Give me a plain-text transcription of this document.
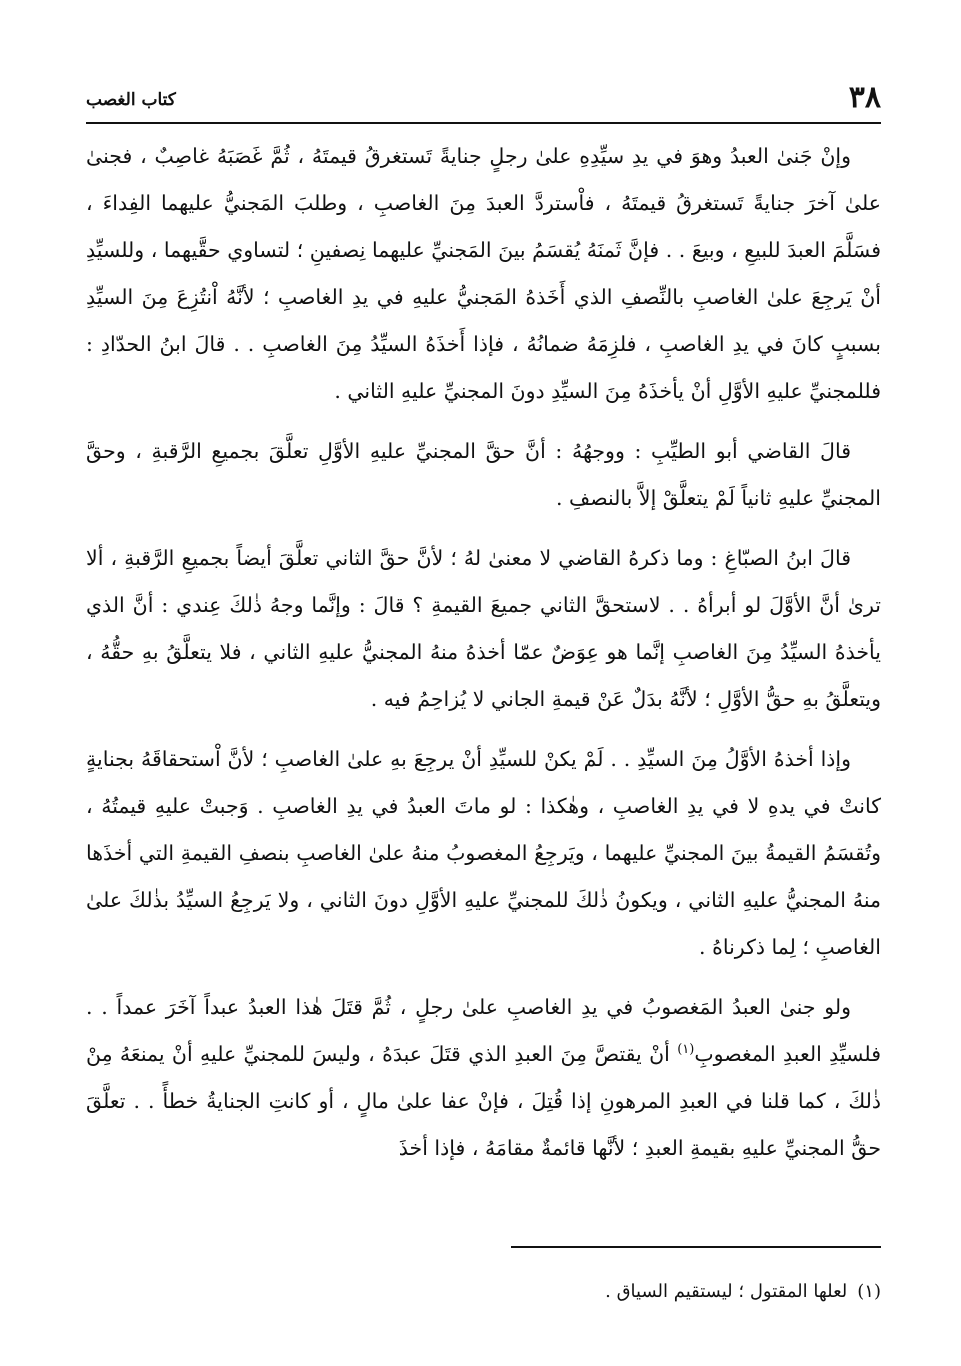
٣٨
كتاب الغصب

وإنْ جَنىٰ العبدُ وهوَ في يدِ سيِّدِهِ علىٰ رجلٍ جنايةً تَستغرقُ قيمتَهُ ، ثُمَّ غَصَبَهُ غاصِبٌ ، فجنىٰ علىٰ آخرَ جنايةً تَستغرقُ قيمتَهُ ، فاْستردَّ العبدَ مِنَ الغاصبِ ، وطلبَ المَجنيُّ عليهما الفِداءَ ، فسَلَّمَ العبدَ للبيعِ ، وبيعَ . . فإنَّ ثَمنَهُ يُقسَمُ بينَ المَجنيِّ عليهما نِصفينِ ؛ لتساوي حقَّيهما ، وللسيِّدِ أنْ يَرجِعَ علىٰ الغاصبِ بالنِّصفِ الذي أَخَذهُ المَجنيُّ عليهِ في يدِ الغاصبِ ؛ لأنَّهُ اْنتُزِعَ مِنَ السيِّدِ بسببٍ كانَ في يدِ الغاصبِ ، فلزِمَهُ ضمانُهُ ، فإذا أَخذَهُ السيِّدُ مِنَ الغاصبِ . . قالَ ابنُ الحدّادِ : فللمجنيِّ عليهِ الأوَّلِ أنْ يأخذَهُ مِنَ السيِّدِ دونَ المجنيِّ عليهِ الثاني .

قالَ القاضي أبو الطيِّبِ : ووجهُهُ : أنَّ حقَّ المجنيِّ عليهِ الأوَّلِ تعلَّقَ بجميعِ الرَّقبةِ ، وحقَّ المجنيِّ عليهِ ثانياً لَمْ يتعلَّقْ إلاَّ بالنصفِ .

قالَ ابنُ الصبّاغِ : وما ذكرهُ القاضي لا معنىٰ لهُ ؛ لأنَّ حقَّ الثاني تعلَّقَ أيضاً بجميعِ الرَّقبةِ ، ألا ترىٰ أنَّ الأوَّلَ لو أبرأهُ . . لاستحقَّ الثاني جميعَ القيمةِ ؟ قالَ : وإنَّما وجهُ ذٰلكَ عِندي : أنَّ الذي يأخذهُ السيِّدُ مِنَ الغاصبِ إنَّما هو عِوَضٌ عمّا أخذهُ منهُ المجنيُّ عليهِ الثاني ، فلا يتعلَّقُ بهِ حقُّهُ ، ويتعلَّقُ بهِ حقُّ الأوَّلِ ؛ لأنَّهُ بدَلٌ عَنْ قيمةِ الجاني لا يُزاحِمُ فيه .

وإذا أخذهُ الأوَّلُ مِنَ السيِّدِ . . لَمْ يكنْ للسيِّدِ أنْ يرجِعَ بهِ علىٰ الغاصبِ ؛ لأنَّ اْستحقاقَهُ بجنايةٍ كانتْ في يدهِ لا في يدِ الغاصبِ ، وهٰكذا : لو ماتَ العبدُ في يدِ الغاصبِ . وَجبتْ عليهِ قيمتُهُ ، وتُقسَمُ القيمةُ بينَ المجنيِّ عليهما ، ويَرجِعُ المغصوبُ منهُ علىٰ الغاصبِ بنصفِ القيمةِ التي أخذَها منهُ المجنيُّ عليهِ الثاني ، ويكونُ ذٰلكَ للمجنيِّ عليهِ الأوَّلِ دونَ الثاني ، ولا يَرجِعُ السيِّدُ بذٰلكَ علىٰ الغاصبِ ؛ لِما ذكرناهُ .

ولو جنىٰ العبدُ المَغصوبُ في يدِ الغاصبِ علىٰ رجلٍ ، ثُمَّ قتَلَ هٰذا العبدُ عبداً آخَرَ عمداً . . فلسيِّدِ العبدِ المغصوبِ$^{(١)}$ أنْ يقتصَّ مِنَ العبدِ الذي قتَلَ عبدَهُ ، وليسَ للمجنيِّ عليهِ أنْ يمنعَهُ مِنْ ذٰلكَ ، كما قلنا في العبدِ المرهونِ إذا قُتِلَ ، فإنْ عفا علىٰ مالٍ ، أو كانتِ الجنايةُ خطأً . . تعلَّقَ حقُّ المجنيِّ عليهِ بقيمةِ العبدِ ؛ لأنَّها قائمةٌ مقامَهُ ، فإذا أخذَ

(١)لعلها المقتول ؛ ليستقيم السياق .
